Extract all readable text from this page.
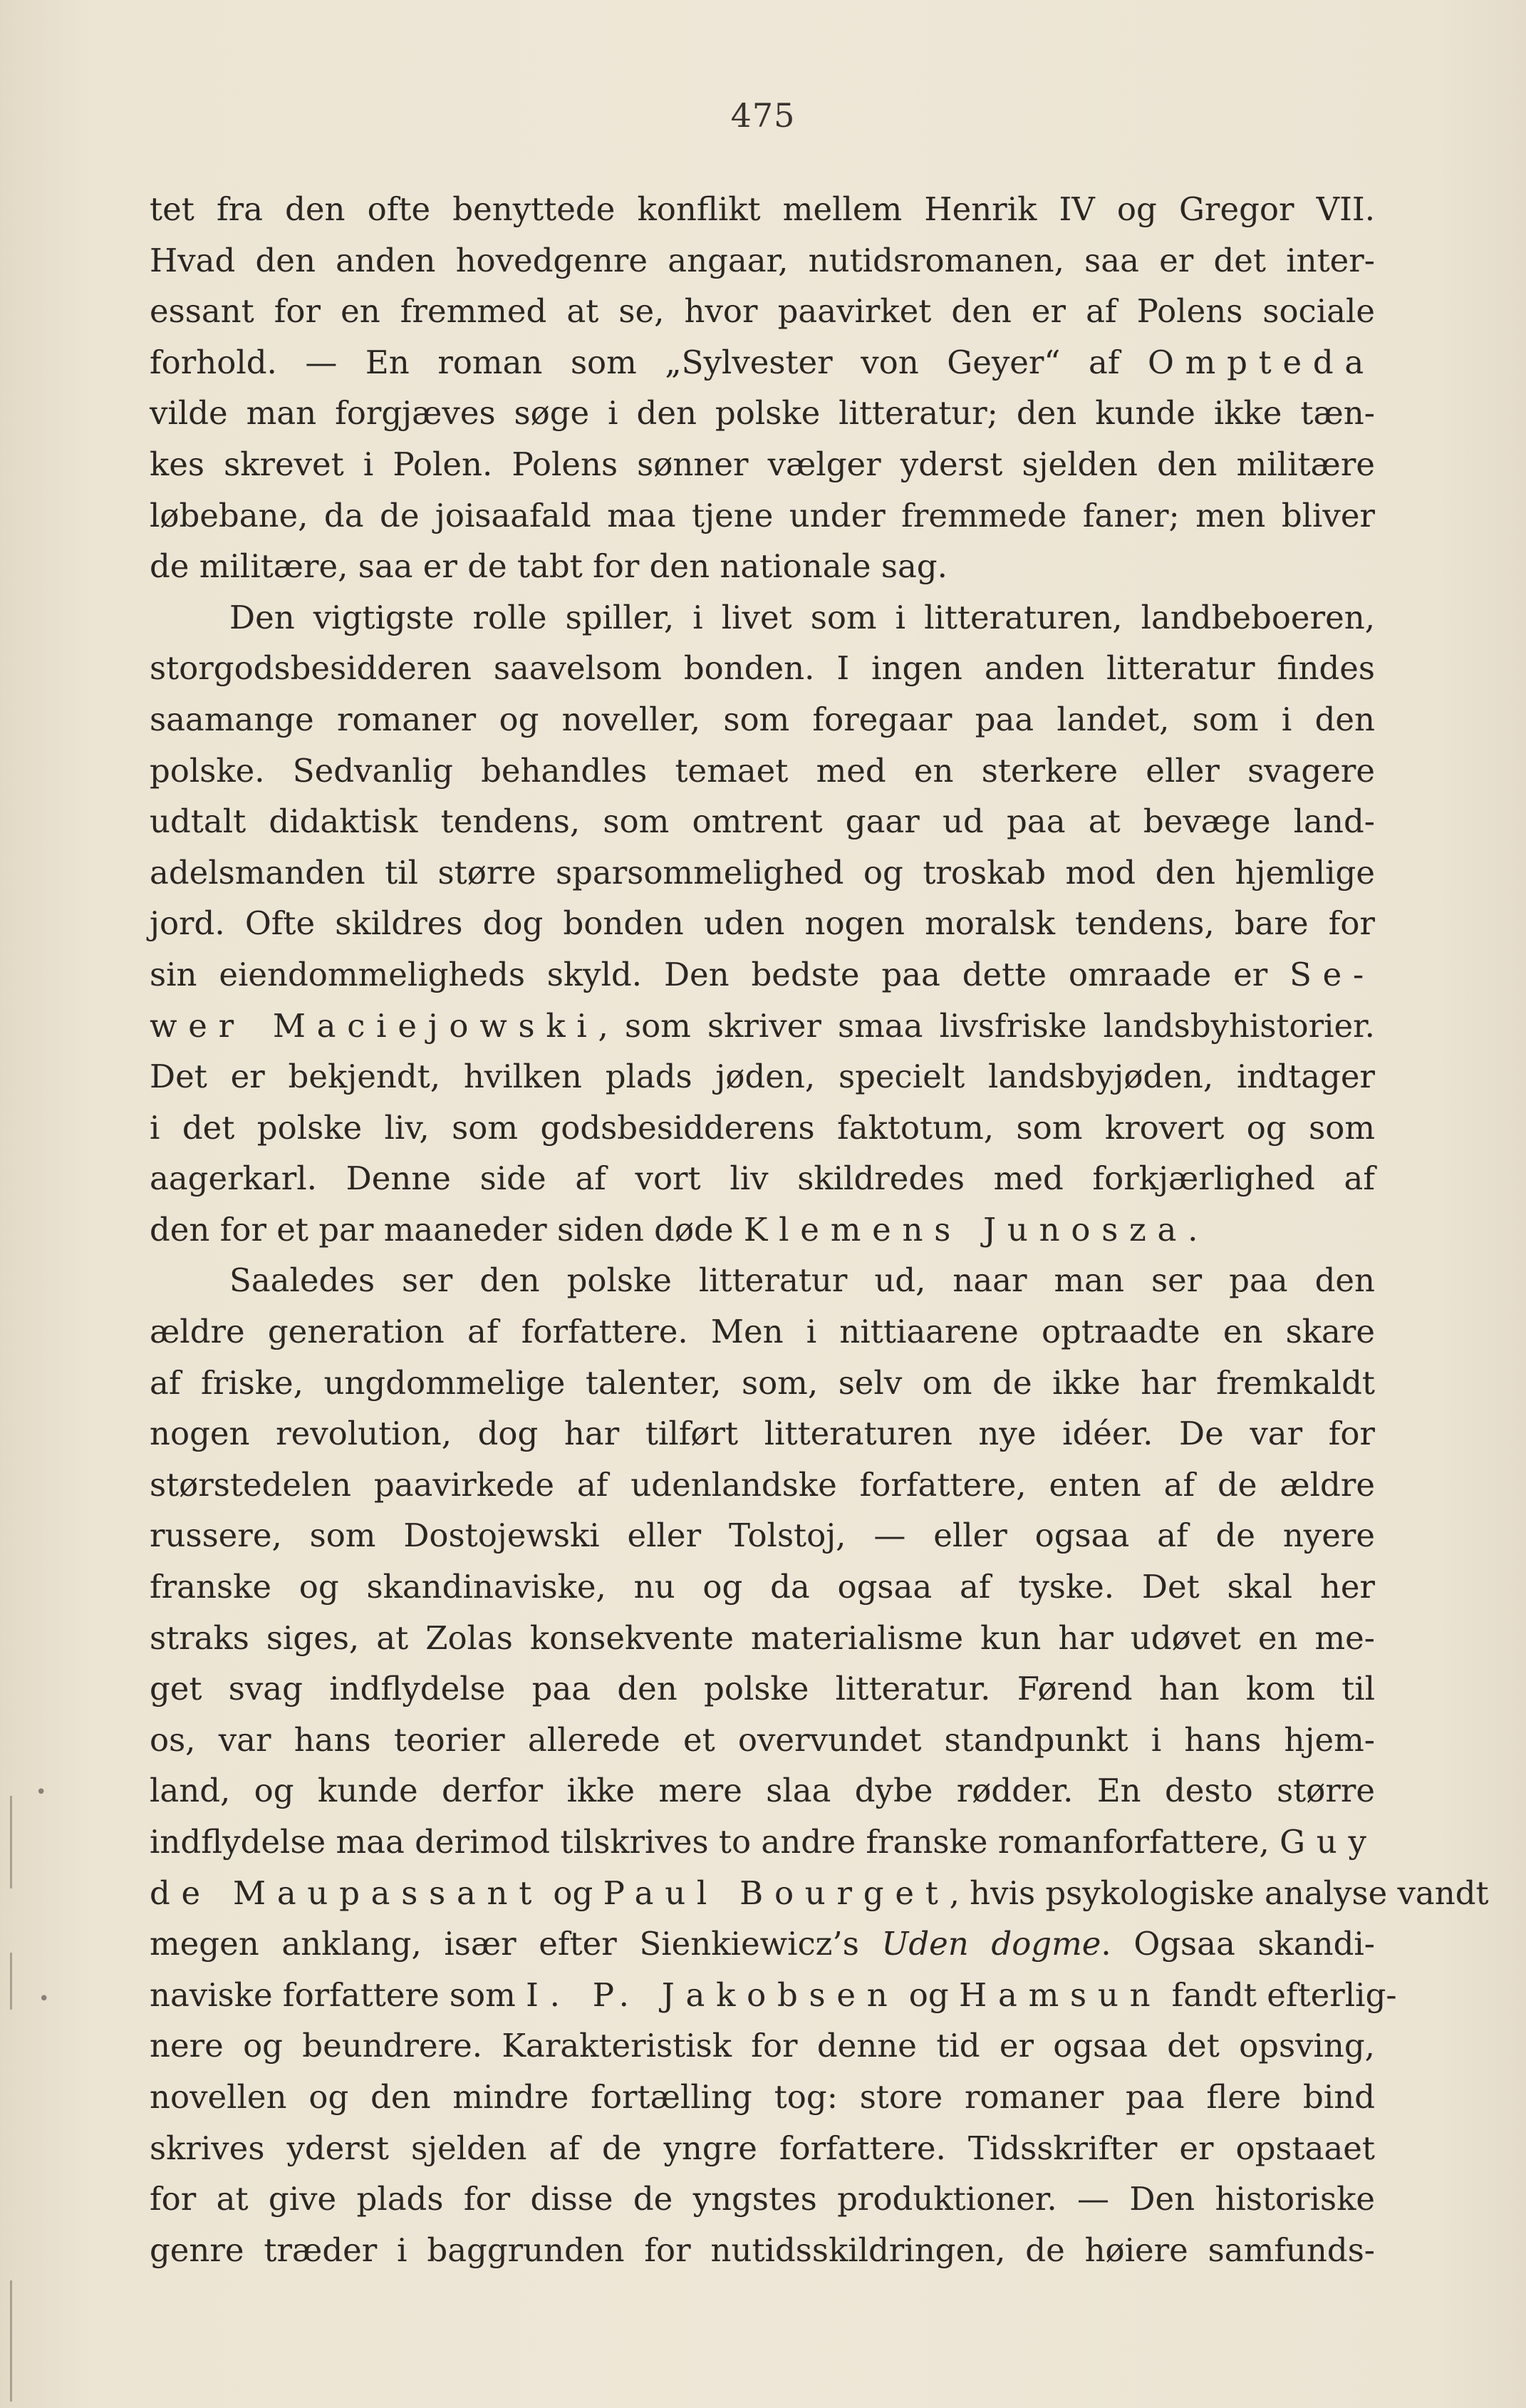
•
•
475
tet fra den ofte benyttede konflikt mellem Henrik IV og Gregor VII.
Hvad den anden hovedgenre angaar, nutidsromanen, saa er det inter-
essant for en fremmed at se, hvor paavirket den er af Polens sociale
forhold. — En roman som „Sylvester von Geyer“ af Ompteda
vilde man forgjæves søge i den polske litteratur; den kunde ikke tæn-
kes skrevet i Polen. Polens sønner vælger yderst sjelden den militære
løbebane, da de joisaafald maa tjene under fremmede faner; men bliver
de militære, saa er de tabt for den nationale sag.
Den vigtigste rolle spiller, i livet som i litteraturen, landbeboeren,
storgodsbesidderen saavelsom bonden. I ingen anden litteratur findes
saamange romaner og noveller, som foregaar paa landet, som i den
polske. Sedvanlig behandles temaet med en sterkere eller svagere
udtalt didaktisk tendens, som omtrent gaar ud paa at bevæge land-
adelsmanden til større sparsommelighed og troskab mod den hjemlige
jord. Ofte skildres dog bonden uden nogen moralsk tendens, bare for
sin eiendommeligheds skyld. Den bedste paa dette omraade er Se-
wer Maciejowski, som skriver smaa livsfriske landsbyhistorier.
Det er bekjendt, hvilken plads jøden, specielt landsbyjøden, indtager
i det polske liv, som godsbesidderens faktotum, som krovert og som
aagerkarl. Denne side af vort liv skildredes med forkjærlighed af
den for et par maaneder siden døde Klemens Junosza.
Saaledes ser den polske litteratur ud, naar man ser paa den
ældre generation af forfattere. Men i nittiaarene optraadte en skare
af friske, ungdommelige talenter, som, selv om de ikke har fremkaldt
nogen revolution, dog har tilført litteraturen nye idéer. De var for
størstedelen paavirkede af udenlandske forfattere, enten af de ældre
russere, som Dostojewski eller Tolstoj, — eller ogsaa af de nyere
franske og skandinaviske, nu og da ogsaa af tyske. Det skal her
straks siges, at Zolas konsekvente materialisme kun har udøvet en me-
get svag indflydelse paa den polske litteratur. Førend han kom til
os, var hans teorier allerede et overvundet standpunkt i hans hjem-
land, og kunde derfor ikke mere slaa dybe rødder. En desto større
indflydelse maa derimod tilskrives to andre franske romanforfattere, Guy
de Maupassant og Paul Bourget, hvis psykologiske analyse vandt
megen anklang, især efter Sienkiewicz’s Uden dogme. Ogsaa skandi-
naviske forfattere som I. P. Jakobsen og Hamsun fandt efterlig-
nere og beundrere. Karakteristisk for denne tid er ogsaa det opsving,
novellen og den mindre fortælling tog: store romaner paa flere bind
skrives yderst sjelden af de yngre forfattere. Tidsskrifter er opstaaet
for at give plads for disse de yngstes produktioner. — Den historiske
genre træder i baggrunden for nutidsskildringen, de høiere samfunds-
